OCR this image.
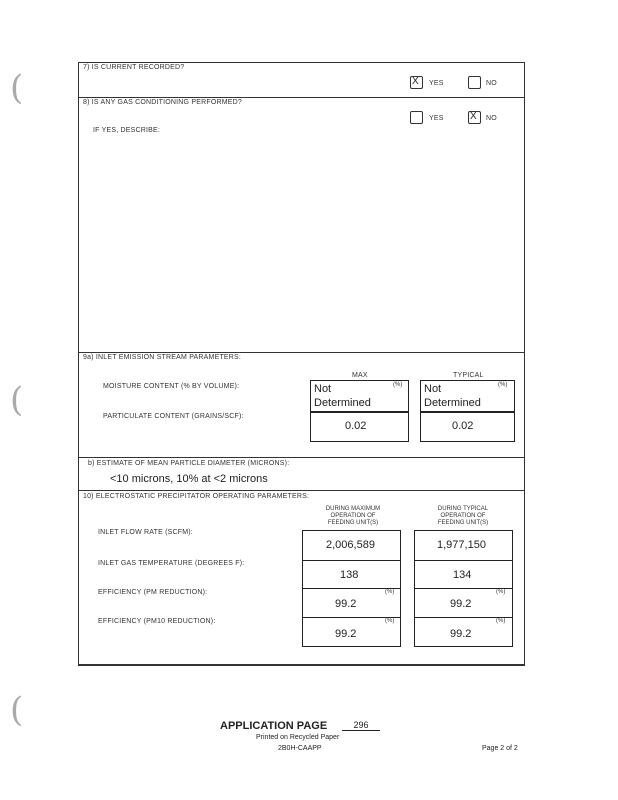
(
(
(
7) IS CURRENT RECORDED?
X
YES	NO
8) IS ANY GAS CONDITIONING PERFORMED?
YES
X	NO
IF YES, DESCRIBE:
9a) INLET EMISSION STREAM PARAMETERS:
MAX	TYPICAL
MOISTURE CONTENT (% BY VOLUME):
PARTICULATE CONTENT (GRAINS/SCF):
Not
Determined
(%) Not
Determined
(%)
0.02	0.02
b) ESTIMATE OF MEAN PARTICLE DIAMETER (MICRONS):
<10 microns, 10% at <2 microns
10) ELECTROSTATIC PRECIPITATOR OPERATING PARAMETERS:
DURING MAXIMUM
OPERATION OF
FEEDING UNIT(S)
DURING TYPICAL
OPERATION OF
FEEDING UNIT(S)
INLET FLOW RATE (SCFM):
INLET GAS TEMPERATURE (DEGREES F):
EFFICIENCY (PM REDUCTION):
EFFICIENCY (PM10 REDUCTION):
2,006,589
138
(%)
99.2
(%)
99.2
1,977,150
134
(%)
99.2
(%)
99.2
APPLICATION PAGE	296
Printed on Recycled Paper
2B0H-CAAPP	Page 2 of 2
